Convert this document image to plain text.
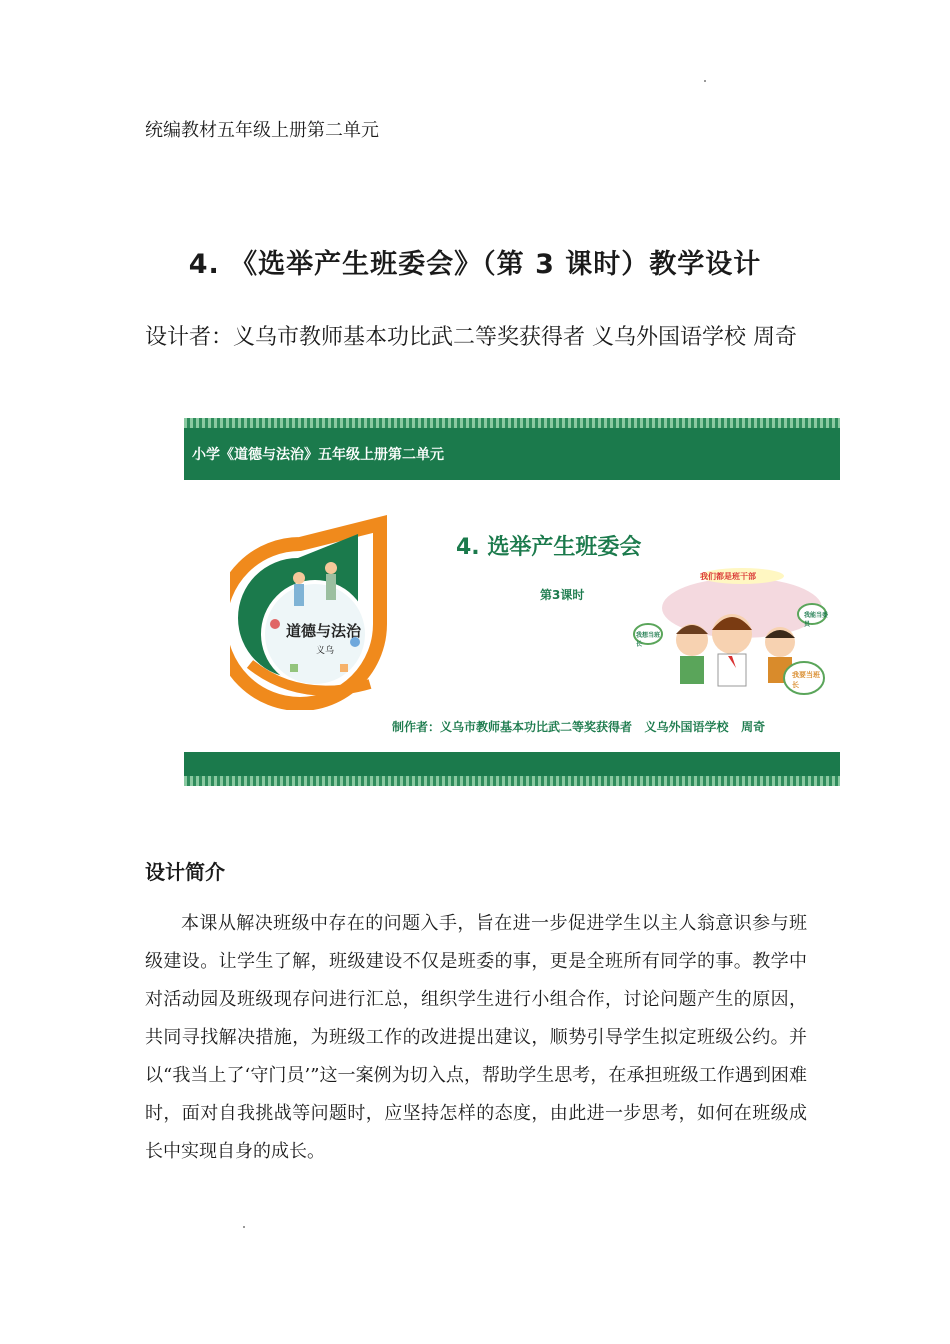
统编教材五年级上册第二单元
4. 《选举产生班委会》（第 3 课时）教学设计
设计者：义乌市教师基本功比武二等奖获得者 义乌外国语学校 周奇
小学《道德与法治》五年级上册第二单元
道德与法治
义乌
4. 选举产生班委会
第3课时
我们都是班干部
我想当班长
我能当委员
我要当班长
制作者：义乌市教师基本功比武二等奖获得者   义乌外国语学校   周奇
设计简介

本课从解决班级中存在的问题入手，旨在进一步促进学生以主人翁意识参与班级建设。让学生了解，班级建设不仅是班委的事，更是全班所有同学的事。教学中对活动园及班级现存问进行汇总，组织学生进行小组合作，讨论问题产生的原因，共同寻找解决措施，为班级工作的改进提出建议，顺势引导学生拟定班级公约。并以“我当上了‘守门员’”这一案例为切入点，帮助学生思考，在承担班级工作遇到困难时，面对自我挑战等问题时，应坚持怎样的态度，由此进一步思考，如何在班级成长中实现自身的成长。
